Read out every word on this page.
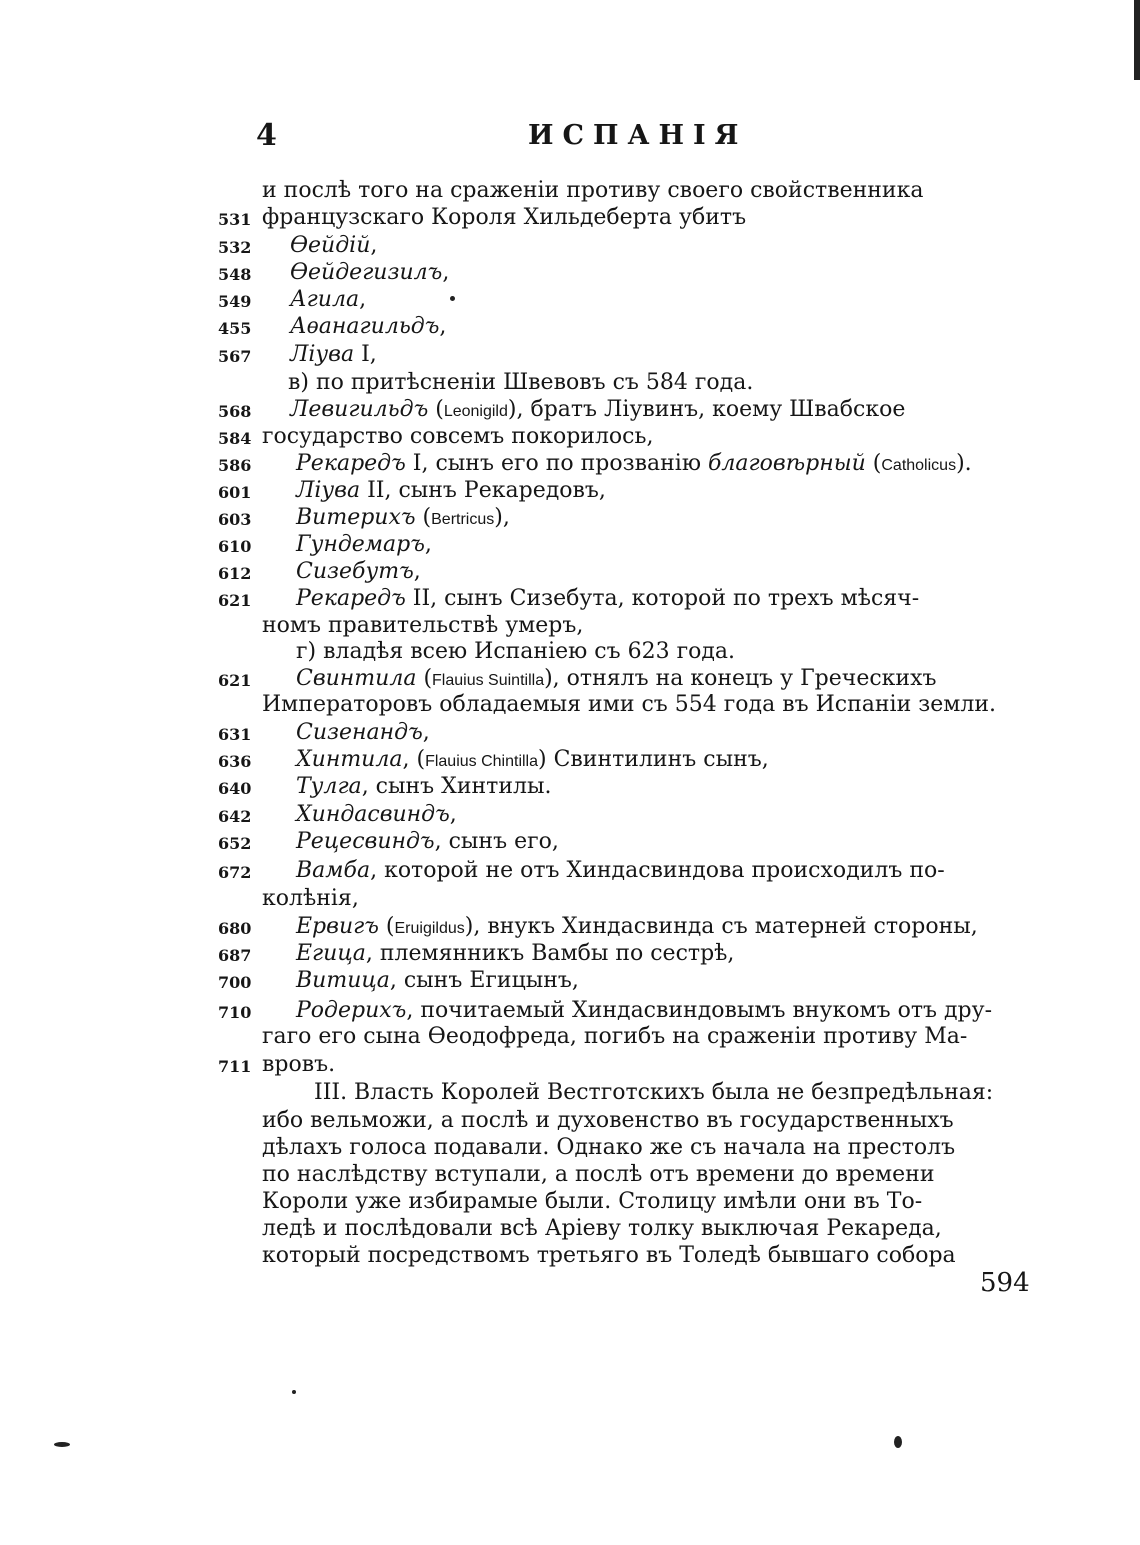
4	ИСПАНІЯ
и послѣ того на сраженіи противу своего свойственника
531 французскаго Короля Хильдеберта убитъ
532	Ѳейдій,
548	Ѳейдегизилъ,
549	Агила,
455	Аѳанагильдъ,
567	Ліува I,
в) по притѣсненіи Швевовъ съ 584 года.
568	Левигильдъ (Leonigild), братъ Ліувинъ, коему Швабское
584 государство совсемъ покорилось,
586	Рекаредъ I, сынъ его по прозванію благовѣрный (Catholicus).
601	Ліува II, сынъ Рекаредовъ,
603	Витерихъ (Bertricus),
610	Гундемаръ,
612	Сизебутъ,
621	Рекаредъ II, сынъ Сизебута, которой по трехъ мѣсяч-
номъ правительствѣ умеръ,
г) владѣя всею Испаніею съ 623 года.
621	Свинтила (Flauius Suintilla), отнялъ на конецъ у Греческихъ
Императоровъ обладаемыя ими съ 554 года въ Испаніи земли.
631	Сизенандъ,
636	Хинтила, (Flauius Chintilla) Свинтилинъ сынъ,
640	Тулга, сынъ Хинтилы.
642	Хиндасвиндъ,
652	Рецесвиндъ, сынъ его,
672	Вамба, которой не отъ Хиндасвиндова происходилъ по-
колѣнія,
680	Ервигъ (Eruigildus), внукъ Хиндасвинда съ матерней стороны,
687	Егица, племянникъ Вамбы по сестрѣ,
700	Витица, сынъ Егицынъ,
710	Родерихъ, почитаемый Хиндасвиндовымъ внукомъ отъ дру-
гаго его сына Ѳеодофреда, погибъ на сраженіи противу Ма-
711 вровъ.
III. Власть Королей Вестготскихъ была не безпредѣльная:
ибо вельможи, а послѣ и духовенство въ государственныхъ
дѣлахъ голоса подавали. Однако же съ начала на престолъ
по наслѣдству вступали, а послѣ отъ времени до времени
Короли уже избирамые были. Столицу имѣли они въ То-
ледѣ и послѣдовали всѣ Аріеву толку выключая Рекареда,
который посредствомъ третьяго въ Толедѣ бывшаго собора
594
